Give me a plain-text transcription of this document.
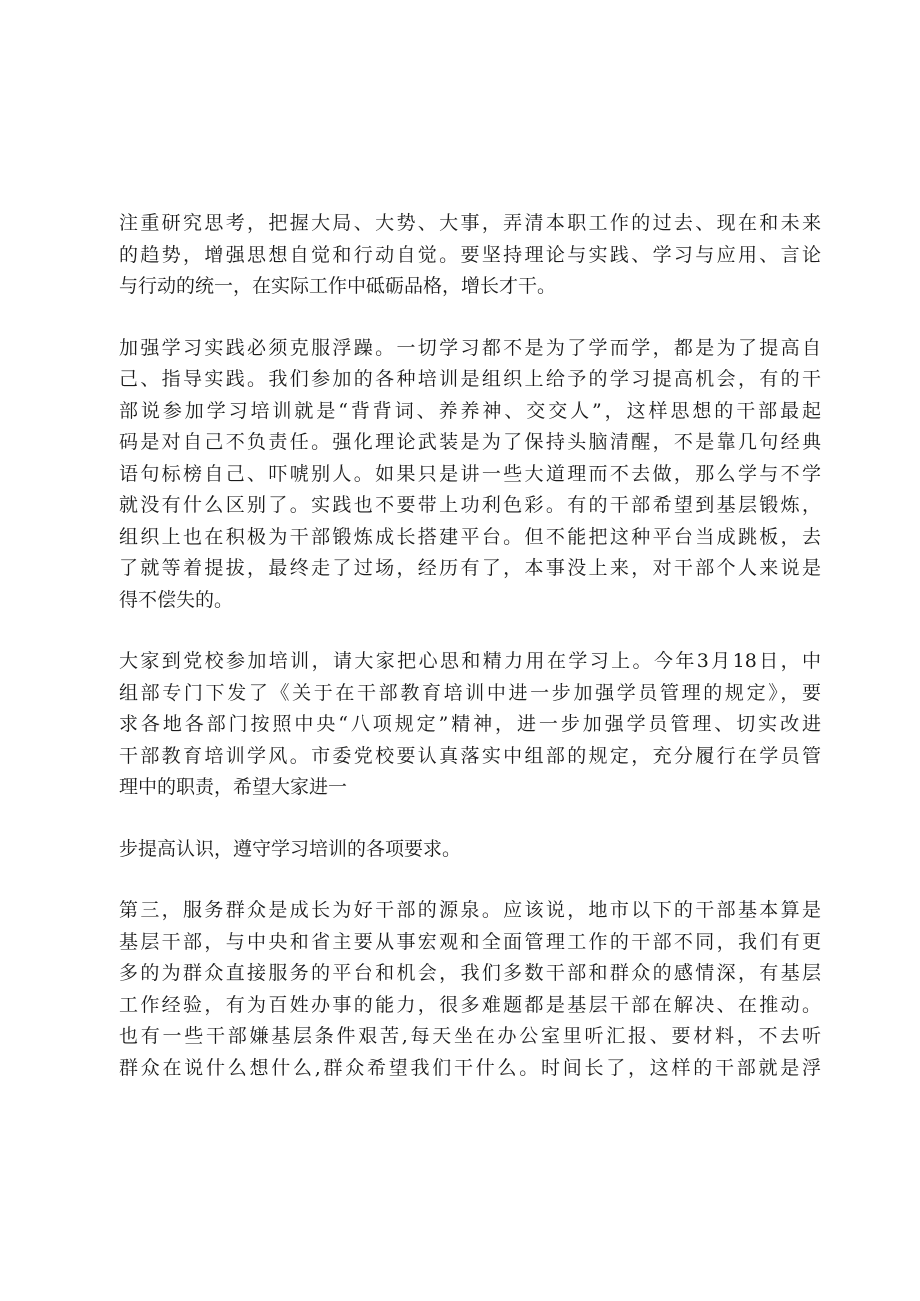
注重研究思考，把握大局、大势、大事，弄清本职工作的过去、现在和未来
的趋势，增强思想自觉和行动自觉。要坚持理论与实践、学习与应用、言论
与行动的统一，在实际工作中砥砺品格，增长才干。
加强学习实践必须克服浮躁。一切学习都不是为了学而学，都是为了提高自
己、指导实践。我们参加的各种培训是组织上给予的学习提高机会，有的干
部说参加学习培训就是“背背词、养养神、交交人”，这样思想的干部最起
码是对自己不负责任。强化理论武装是为了保持头脑清醒，不是靠几句经典
语句标榜自己、吓唬别人。如果只是讲一些大道理而不去做，那么学与不学
就没有什么区别了。实践也不要带上功利色彩。有的干部希望到基层锻炼，
组织上也在积极为干部锻炼成长搭建平台。但不能把这种平台当成跳板，去
了就等着提拔，最终走了过场，经历有了，本事没上来，对干部个人来说是
得不偿失的。
大家到党校参加培训，请大家把心思和精力用在学习上。今年3月18日，中
组部专门下发了《关于在干部教育培训中进一步加强学员管理的规定》，要
求各地各部门按照中央“八项规定”精神，进一步加强学员管理、切实改进
干部教育培训学风。市委党校要认真落实中组部的规定，充分履行在学员管
理中的职责，希望大家进一
步提高认识，遵守学习培训的各项要求。
第三，服务群众是成长为好干部的源泉。应该说，地市以下的干部基本算是
基层干部，与中央和省主要从事宏观和全面管理工作的干部不同，我们有更
多的为群众直接服务的平台和机会，我们多数干部和群众的感情深，有基层
工作经验，有为百姓办事的能力，很多难题都是基层干部在解决、在推动。
也有一些干部嫌基层条件艰苦,每天坐在办公室里听汇报、要材料，不去听
群众在说什么想什么,群众希望我们干什么。时间长了，这样的干部就是浮
